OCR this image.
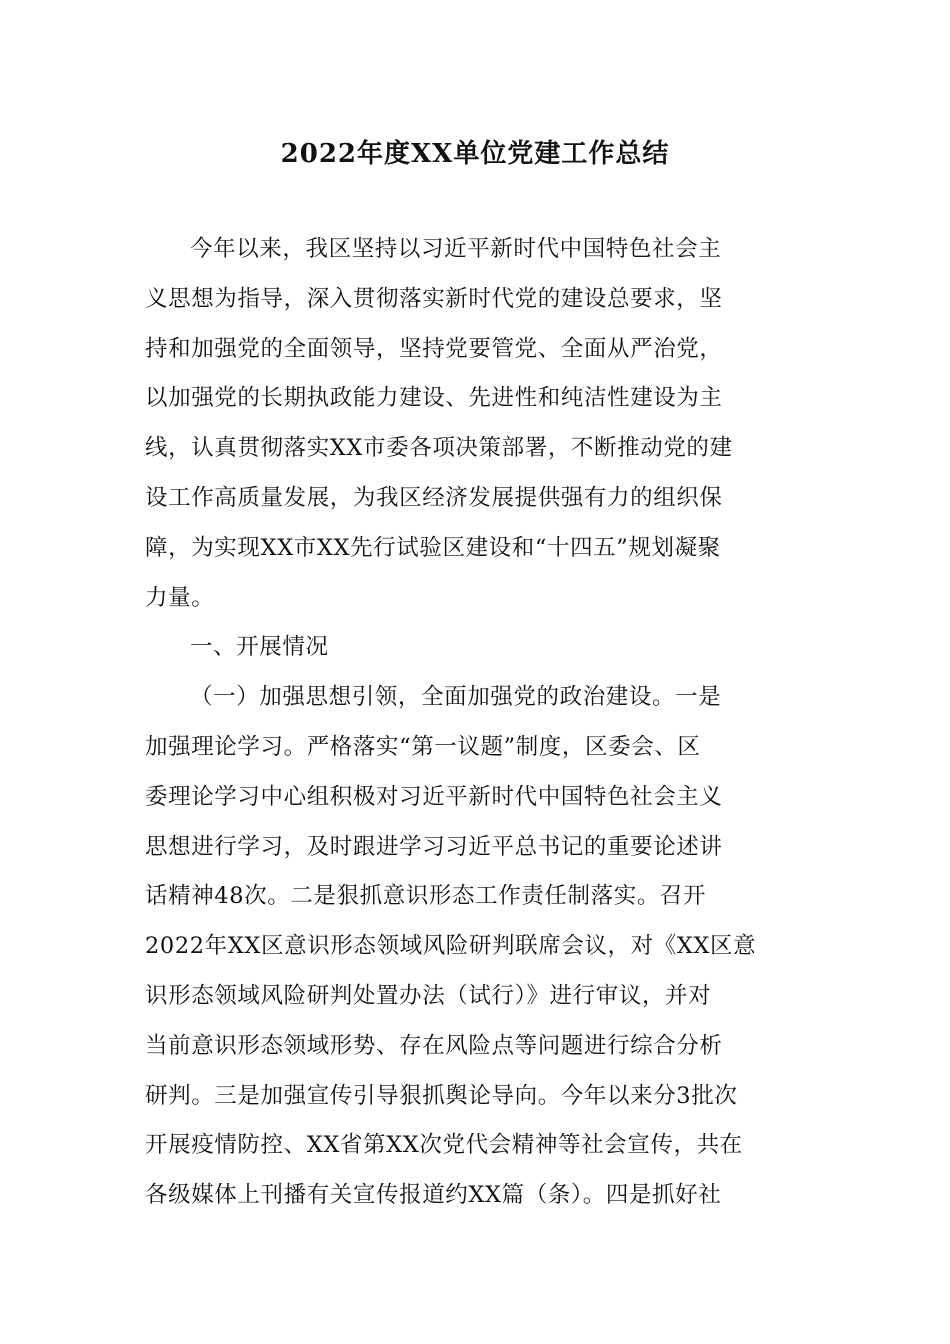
2022年度XX单位党建工作总结
今年以来，我区坚持以习近平新时代中国特色社会主
义思想为指导，深入贯彻落实新时代党的建设总要求，坚
持和加强党的全面领导，坚持党要管党、全面从严治党，
以加强党的长期执政能力建设、先进性和纯洁性建设为主
线，认真贯彻落实XX市委各项决策部署，不断推动党的建
设工作高质量发展，为我区经济发展提供强有力的组织保
障，为实现XX市XX先行试验区建设和“十四五”规划凝聚
力量。
一、开展情况
（一）加强思想引领，全面加强党的政治建设。一是
加强理论学习。严格落实“第一议题”制度，区委会、区
委理论学习中心组积极对习近平新时代中国特色社会主义
思想进行学习，及时跟进学习习近平总书记的重要论述讲
话精神48次。二是狠抓意识形态工作责任制落实。召开
2022年XX区意识形态领域风险研判联席会议，对《XX区意
识形态领域风险研判处置办法（试行）》进行审议，并对
当前意识形态领域形势、存在风险点等问题进行综合分析
研判。三是加强宣传引导狠抓舆论导向。今年以来分3批次
开展疫情防控、XX省第XX次党代会精神等社会宣传，共在
各级媒体上刊播有关宣传报道约XX篇（条）。四是抓好社
